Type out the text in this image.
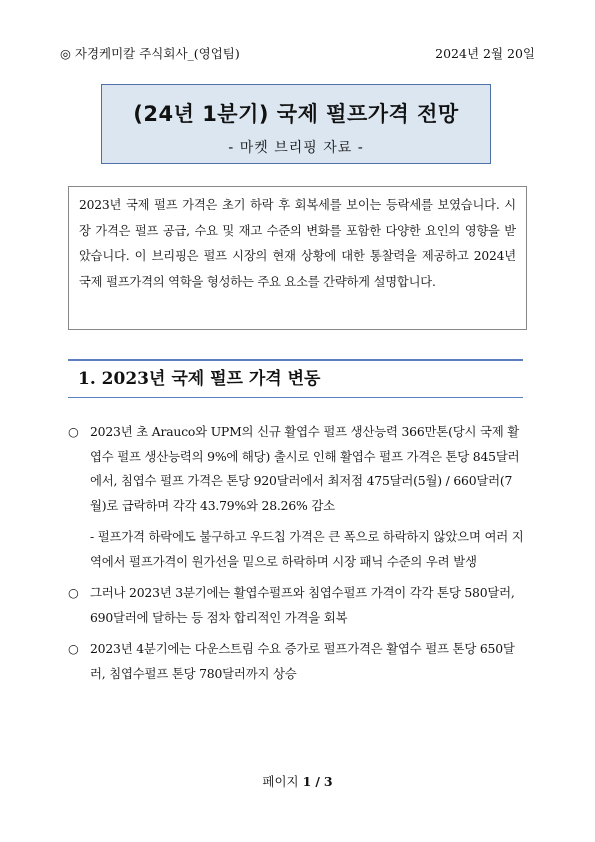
◎ 자경케미칼 주식회사_(영업팀)	2024년 2월 20일
(24년 1분기) 국제 펄프가격 전망
- 마켓 브리핑 자료 -
2023년 국제 펄프 가격은 초기 하락 후 회복세를 보이는 등락세를 보였습니다. 시장 가격은 펄프 공급, 수요 및 재고 수준의 변화를 포함한 다양한 요인의 영향을 받았습니다. 이 브리핑은 펄프 시장의 현재 상황에 대한 통찰력을 제공하고 2024년 국제 펄프가격의 역학을 형성하는 주요 요소를 간략하게 설명합니다.
1. 2023년 국제 펄프 가격 변동
○ 2023년 초 Arauco와 UPM의 신규 활엽수 펄프 생산능력 366만톤(당시 국제 활엽수 펄프 생산능력의 9%에 해당) 출시로 인해 활엽수 펄프 가격은 톤당 845달러에서, 침엽수 펄프 가격은 톤당 920달러에서 최저점 475달러(5월) / 660달러(7월)로 급락하며 각각 43.79%와 28.26% 감소
- 펄프가격 하락에도 불구하고 우드칩 가격은 큰 폭으로 하락하지 않았으며 여러 지역에서 펄프가격이 원가선을 밑으로 하락하며 시장 패닉 수준의 우려 발생
○ 그러나 2023년 3분기에는 활엽수펄프와 침엽수펄프 가격이 각각 톤당 580달러, 690달러에 달하는 등 점차 합리적인 가격을 회복
○ 2023년 4분기에는 다운스트림 수요 증가로 펄프가격은 활엽수 펄프 톤당 650달러, 침엽수펄프 톤당 780달러까지 상승
페이지 1 / 3
